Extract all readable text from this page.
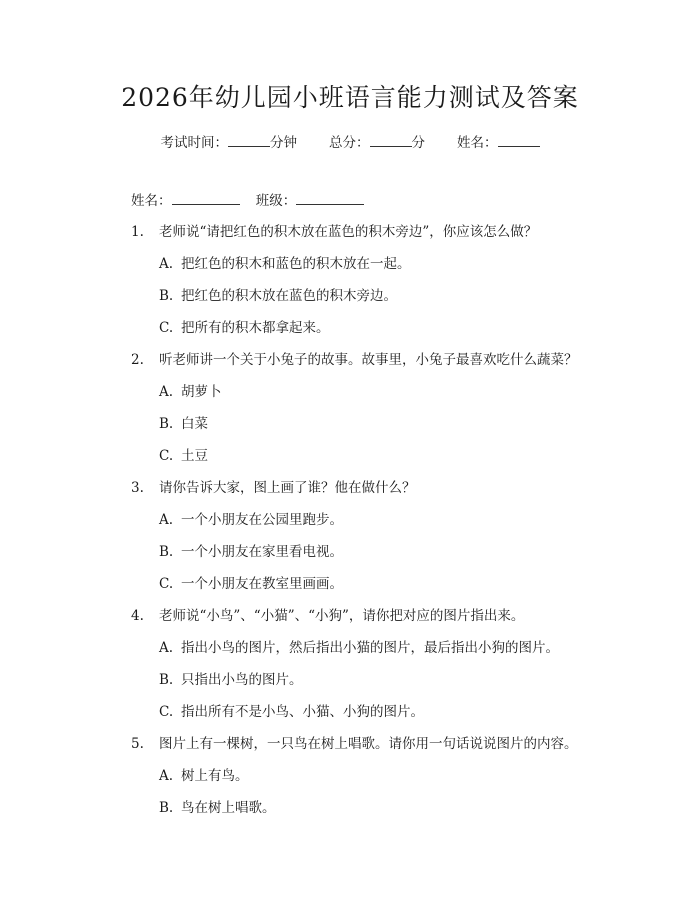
2026年幼儿园小班语言能力测试及答案
考试时间：	分钟 总分：	分 姓名：
姓名：	班级：
1. 老师说“请把红色的积木放在蓝色的积木旁边”，你应该怎么做？
A. 把红色的积木和蓝色的积木放在一起。
B. 把红色的积木放在蓝色的积木旁边。
C. 把所有的积木都拿起来。
2. 听老师讲一个关于小兔子的故事。故事里，小兔子最喜欢吃什么蔬菜？
A. 胡萝卜
B. 白菜
C. 土豆
3. 请你告诉大家，图上画了谁？他在做什么？
A. 一个小朋友在公园里跑步。
B. 一个小朋友在家里看电视。
C. 一个小朋友在教室里画画。
4. 老师说“小鸟”、“小猫”、“小狗”，请你把对应的图片指出来。
A. 指出小鸟的图片，然后指出小猫的图片，最后指出小狗的图片。
B. 只指出小鸟的图片。
C. 指出所有不是小鸟、小猫、小狗的图片。
5. 图片上有一棵树，一只鸟在树上唱歌。请你用一句话说说图片的内容。
A. 树上有鸟。
B. 鸟在树上唱歌。
